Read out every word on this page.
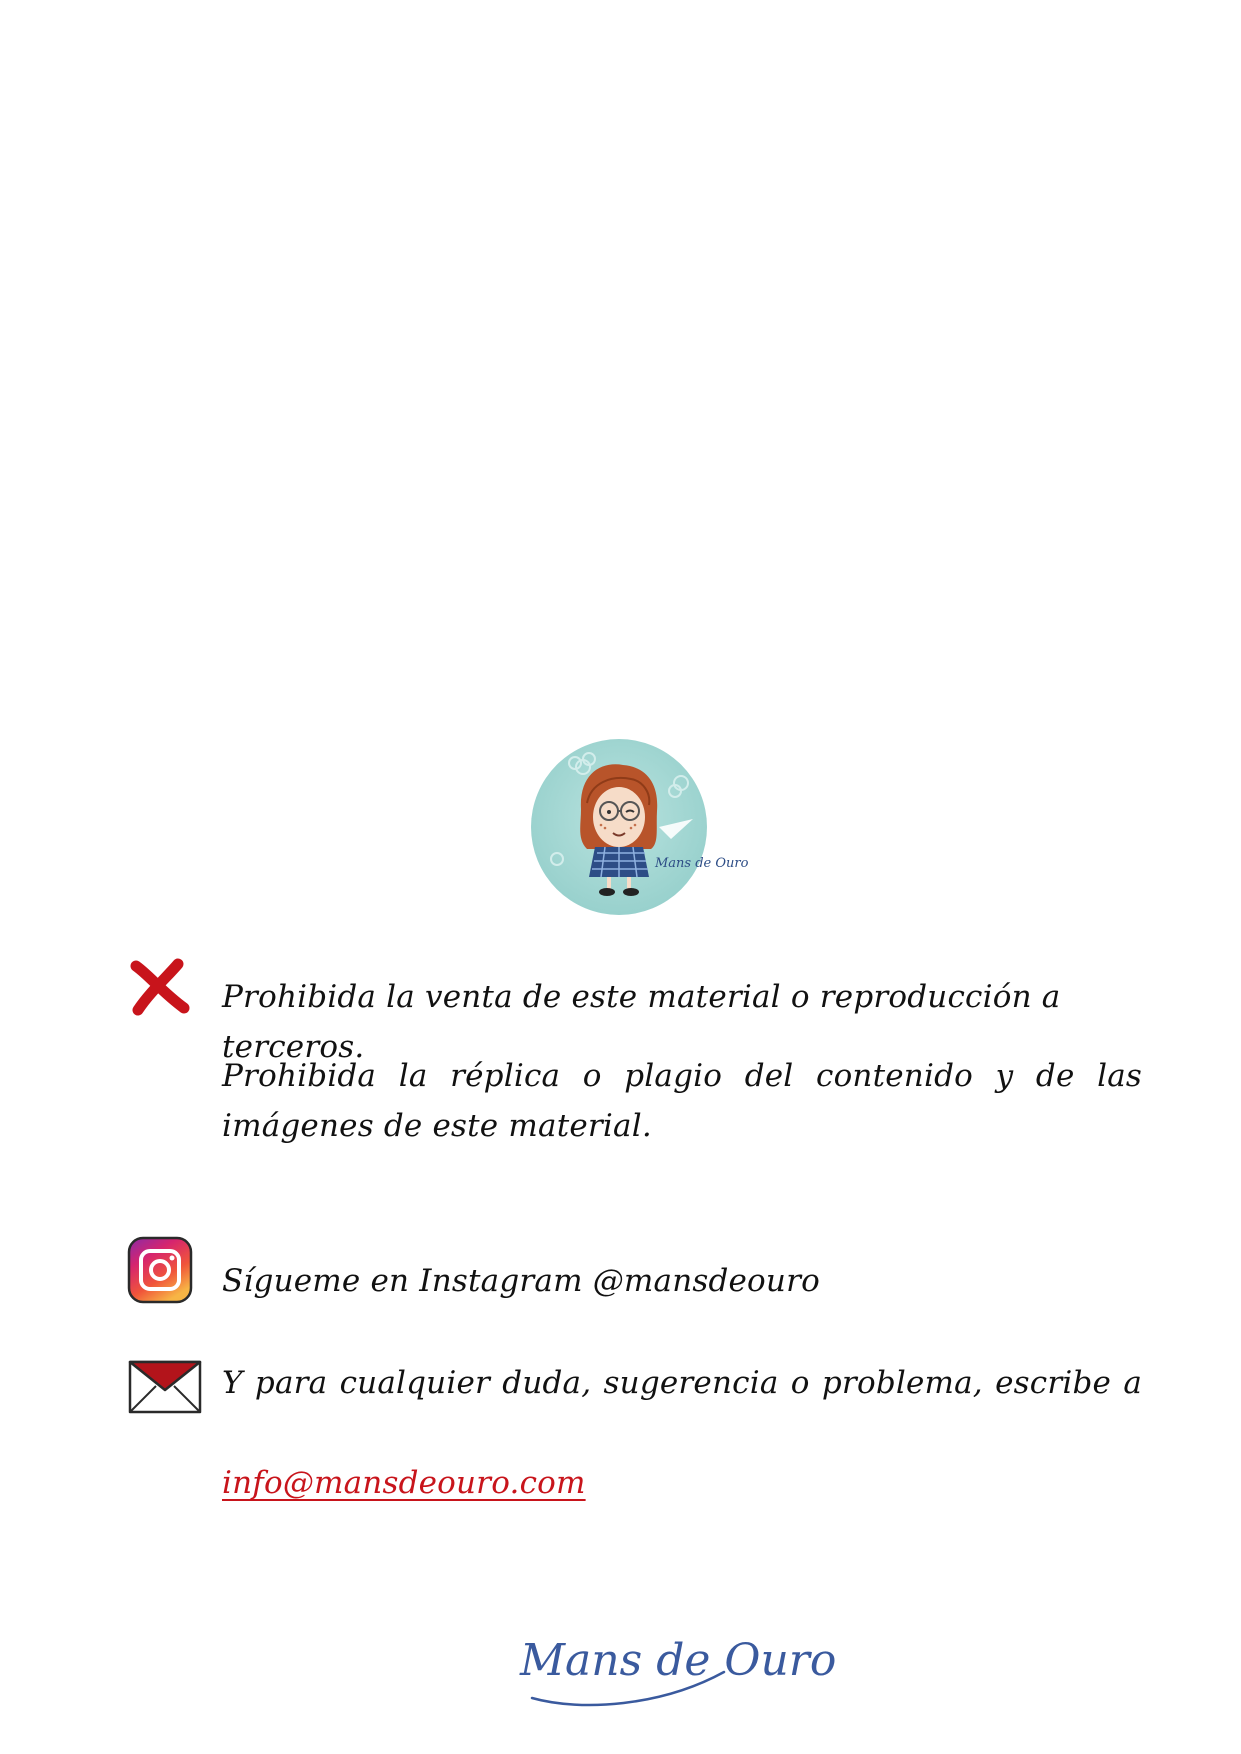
Mans de Ouro
Prohibida la venta de este material o reproducción a terceros.
Prohibida la réplica o plagio del contenido y de las imágenes de este material.
Sígueme en Instagram @mansdeouro
Y para cualquier duda, sugerencia o problema, escribe a info@mansdeouro.com
Mans de Ouro
